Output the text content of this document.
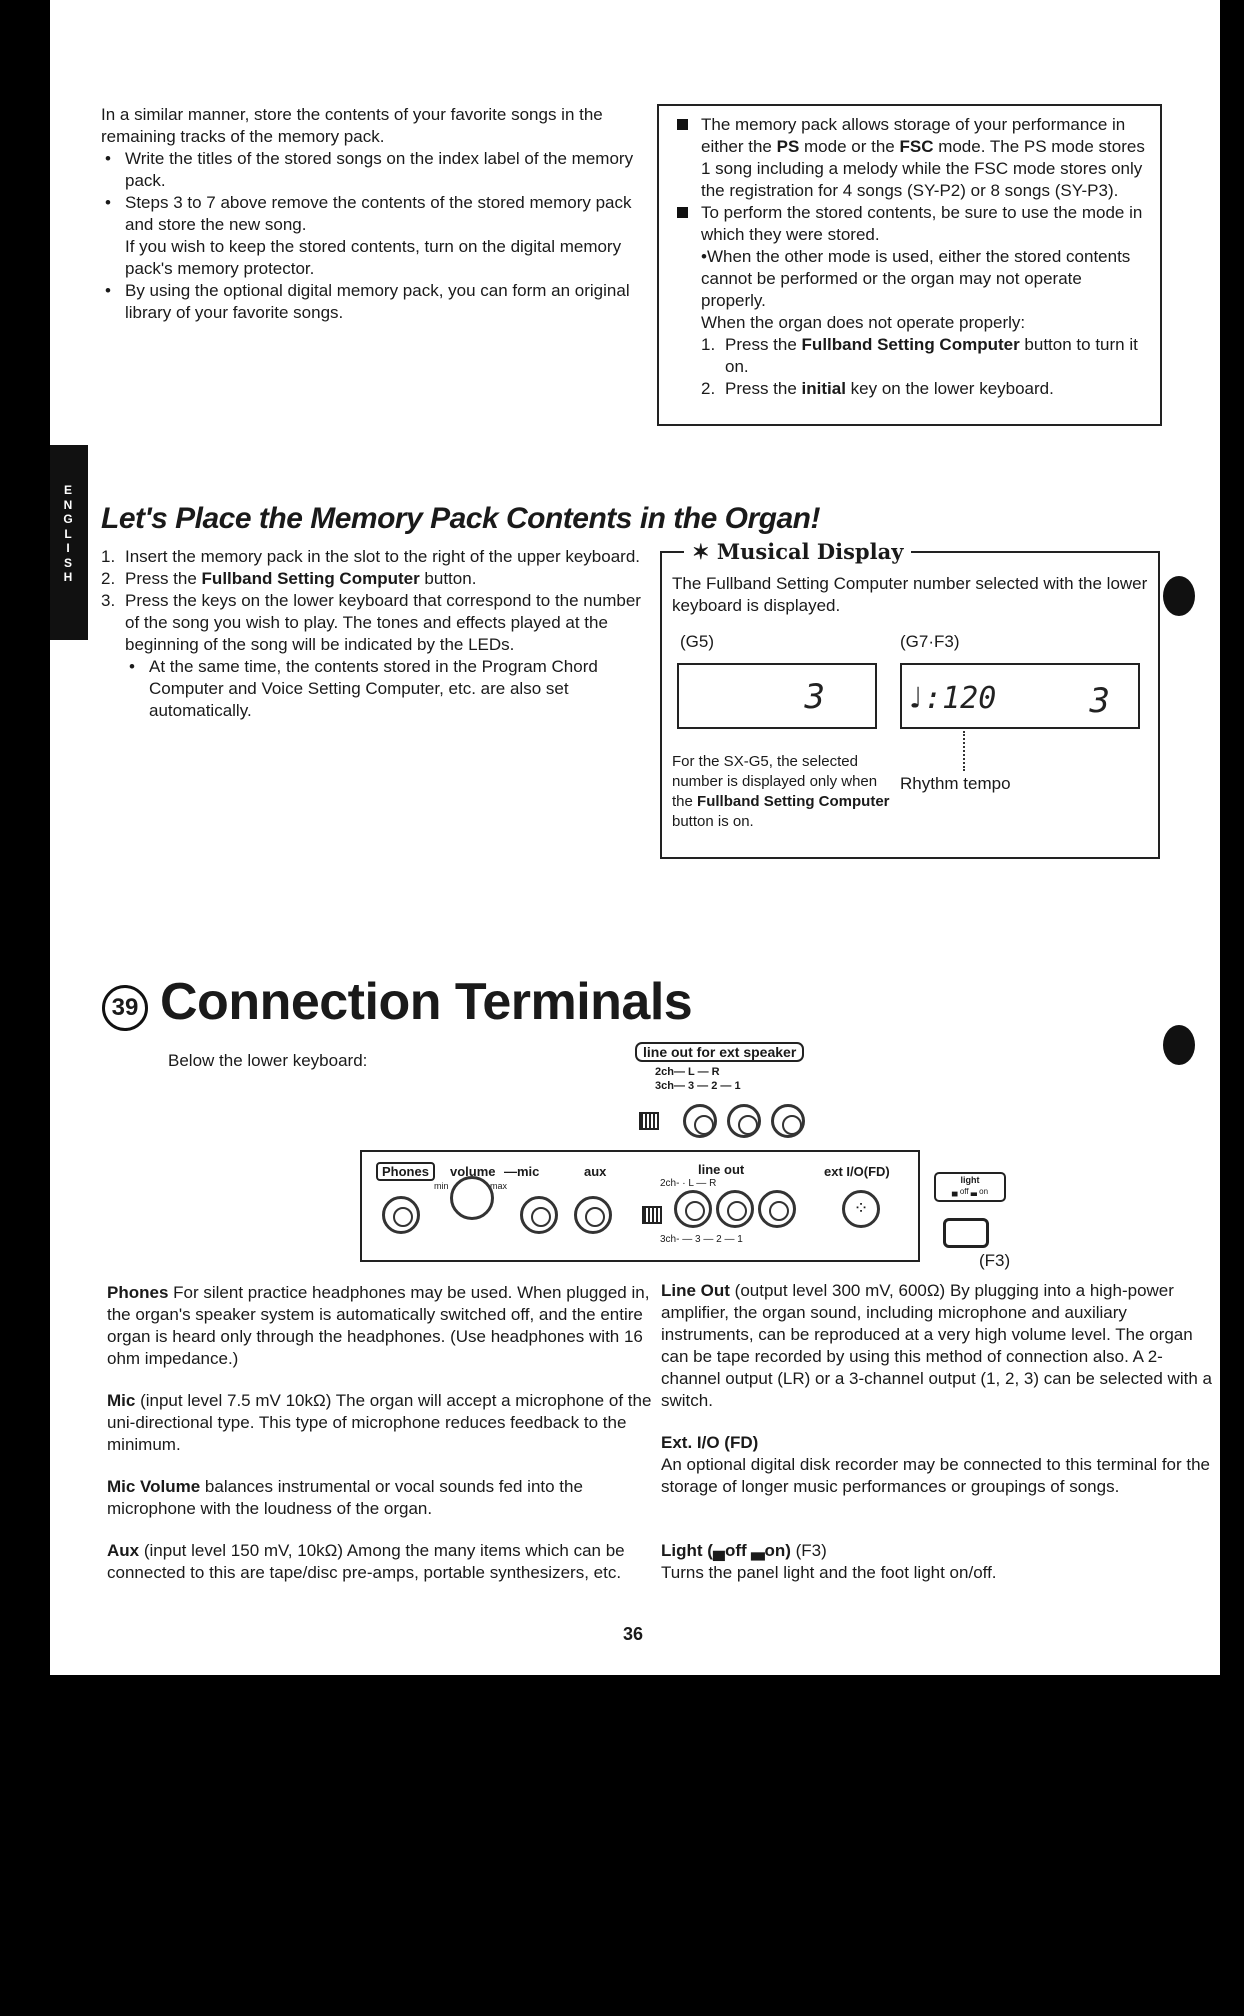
E
N
G
L
I
S
H

In a similar manner, store the contents of your favorite songs in the remaining tracks of the memory pack.

• Write the titles of the stored songs on the index label of the memory pack.

• Steps 3 to 7 above remove the contents of the stored memory pack and store the new song.

If you wish to keep the stored contents, turn on the digital memory pack's memory protector.

• By using the optional digital memory pack, you can form an original library of your favorite songs.

The memory pack allows storage of your performance in either the PS mode or the FSC mode. The PS mode stores 1 song including a melody while the FSC mode stores only the registration for 4 songs (SY-P2) or 8 songs (SY-P3).

To perform the stored contents, be sure to use the mode in which they were stored.

•When the other mode is used, either the stored contents cannot be performed or the organ may not operate properly.

When the organ does not operate properly:

1. Press the Fullband Setting Computer button to turn it on.

2. Press the initial key on the lower keyboard.

Let's Place the Memory Pack Contents in the Organ!

1. Insert the memory pack in the slot to the right of the upper keyboard.

2. Press the Fullband Setting Computer button.

3. Press the keys on the lower keyboard that correspond to the number of the song you wish to play. The tones and effects played at the beginning of the song will be indicated by the LEDs.

• At the same time, the contents stored in the Program Chord Computer and Voice Setting Computer, etc. are also set automatically.

✶ Musical Display

The Fullband Setting Computer number selected with the lower keyboard is displayed.

(G5)	(G7·F3)
3	♩:120	3

For the SX-G5, the selected number is displayed only when the Fullband Setting Computer button is on.

Rhythm tempo
39 Connection Terminals
Below the lower keyboard:	line out for ext speaker
2ch— L — R
3ch— 3 — 2 — 1
Phones	volume —mic	aux	line out	ext I/O(FD)
min	max	2ch- · L — R
3ch- — 3 — 2 — 1
⁘
light
▄ off ▃ on
(F3)

Phones For silent practice headphones may be used. When plugged in, the organ's speaker system is automatically switched off, and the entire organ is heard only through the headphones. (Use headphones with 16 ohm impedance.)

Mic (input level 7.5 mV 10kΩ) The organ will accept a microphone of the uni-directional type. This type of microphone reduces feedback to the minimum.

Mic Volume balances instrumental or vocal sounds fed into the microphone with the loudness of the organ.

Aux (input level 150 mV, 10kΩ) Among the many items which can be connected to this are tape/disc pre-amps, portable synthesizers, etc.

Line Out (output level 300 mV, 600Ω) By plugging into a high-power amplifier, the organ sound, including microphone and auxiliary instruments, can be reproduced at a very high volume level. The organ can be tape recorded by using this method of connection also. A 2-channel output (LR) or a 3-channel output (1, 2, 3) can be selected with a switch.

Ext. I/O (FD)

An optional digital disk recorder may be connected to this terminal for the storage of longer music performances or groupings of songs.

Light (▄off ▃on) (F3)

Turns the panel light and the foot light on/off.

36
